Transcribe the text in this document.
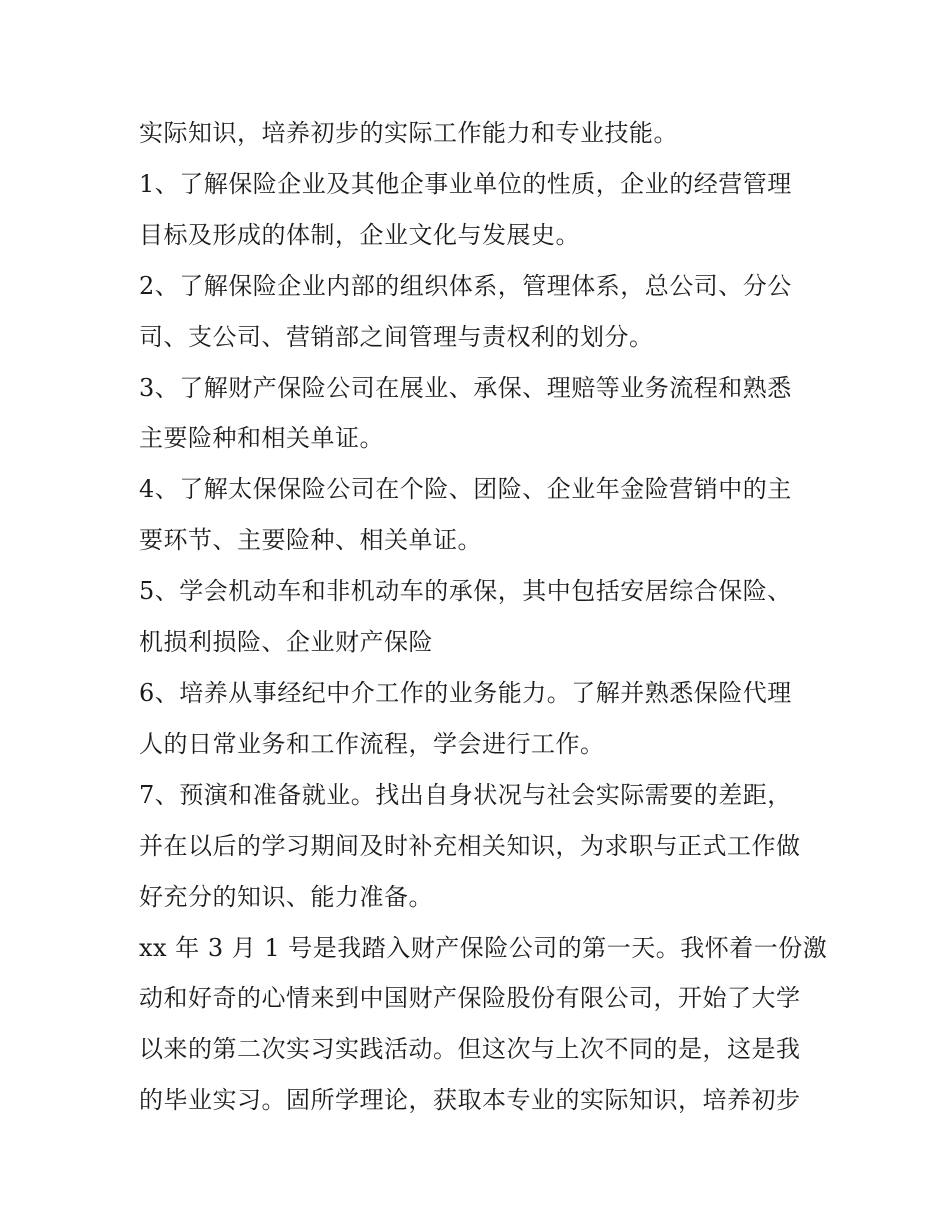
实际知识，培养初步的实际工作能力和专业技能。
1、了解保险企业及其他企事业单位的性质，企业的经营管理
目标及形成的体制，企业文化与发展史。
2、了解保险企业内部的组织体系，管理体系，总公司、分公
司、支公司、营销部之间管理与责权利的划分。
3、了解财产保险公司在展业、承保、理赔等业务流程和熟悉
主要险种和相关单证。
4、了解太保保险公司在个险、团险、企业年金险营销中的主
要环节、主要险种、相关单证。
5、学会机动车和非机动车的承保，其中包括安居综合保险、
机损利损险、企业财产保险
6、培养从事经纪中介工作的业务能力。了解并熟悉保险代理
人的日常业务和工作流程，学会进行工作。
7、预演和准备就业。找出自身状况与社会实际需要的差距，
并在以后的学习期间及时补充相关知识，为求职与正式工作做
好充分的知识、能力准备。
xx 年 3 月 1 号是我踏入财产保险公司的第一天。我怀着一份激
动和好奇的心情来到中国财产保险股份有限公司，开始了大学
以来的第二次实习实践活动。但这次与上次不同的是，这是我
的毕业实习。固所学理论，获取本专业的实际知识，培养初步
